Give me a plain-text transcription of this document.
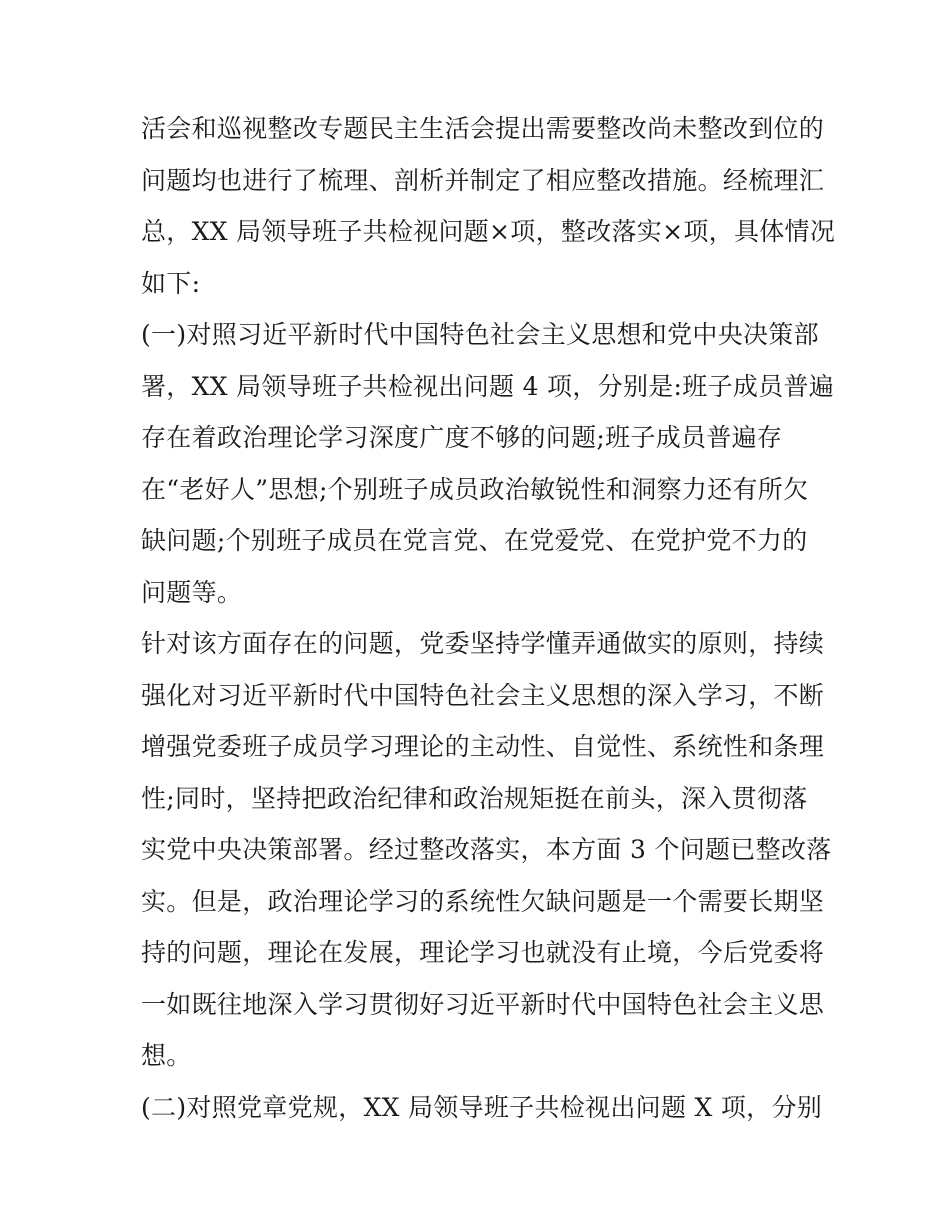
活会和巡视整改专题民主生活会提出需要整改尚未整改到位的
问题均也进行了梳理、剖析并制定了相应整改措施。经梳理汇
总，XX 局领导班子共检视问题×项，整改落实×项，具体情况
如下:
(一)对照习近平新时代中国特色社会主义思想和党中央决策部
署，XX 局领导班子共检视出问题 4 项，分别是:班子成员普遍
存在着政治理论学习深度广度不够的问题;班子成员普遍存
在“老好人”思想;个别班子成员政治敏锐性和洞察力还有所欠
缺问题;个别班子成员在党言党、在党爱党、在党护党不力的
问题等。
针对该方面存在的问题，党委坚持学懂弄通做实的原则，持续
强化对习近平新时代中国特色社会主义思想的深入学习，不断
增强党委班子成员学习理论的主动性、自觉性、系统性和条理
性;同时，坚持把政治纪律和政治规矩挺在前头，深入贯彻落
实党中央决策部署。经过整改落实，本方面 3 个问题已整改落
实。但是，政治理论学习的系统性欠缺问题是一个需要长期坚
持的问题，理论在发展，理论学习也就没有止境，今后党委将
一如既往地深入学习贯彻好习近平新时代中国特色社会主义思
想。
(二)对照党章党规，XX 局领导班子共检视出问题 X 项，分别
